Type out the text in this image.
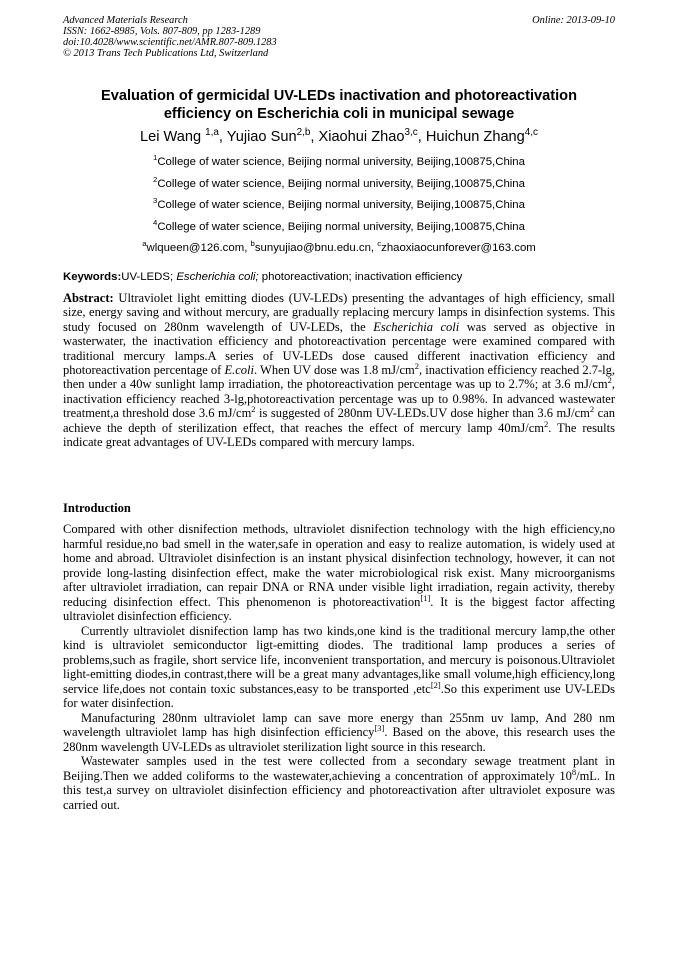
Advanced Materials Research
ISSN: 1662-8985, Vols. 807-809, pp 1283-1289
doi:10.4028/www.scientific.net/AMR.807-809.1283
© 2013 Trans Tech Publications Ltd, Switzerland
Online: 2013-09-10
Evaluation of germicidal UV-LEDs inactivation and photoreactivation
efficiency on Escherichia coli in municipal sewage
Lei Wang $^{1,a}$, Yujiao Sun$^{2,b}$, Xiaohui Zhao$^{3,c}$, Huichun Zhang$^{4,c}$
$^1$College of water science, Beijing normal university, Beijing,100875,China
$^2$College of water science, Beijing normal university, Beijing,100875,China
$^3$College of water science, Beijing normal university, Beijing,100875,China
$^4$College of water science, Beijing normal university, Beijing,100875,China
$^a$wlqueen@126.com, $^b$sunyujiao@bnu.edu.cn, $^c$zhaoxiaocunforever@163.com
Keywords:UV-LEDS; Escherichia coli; photoreactivation; inactivation efficiency

Abstract: Ultraviolet light emitting diodes (UV-LEDs) presenting the advantages of high efficiency, small size, energy saving and without mercury, are gradually replacing mercury lamps in disinfection systems. This study focused on 280nm wavelength of UV-LEDs, the Escherichia coli was served as objective in wasterwater, the inactivation efficiency and photoreactivation percentage were examined compared with traditional mercury lamps.A series of UV-LEDs dose caused different inactivation efficiency and photoreactivation percentage of E.coli. When UV dose was 1.8 $mJ/cm^2$, inactivation efficiency reached 2.7-lg, then under a 40w sunlight lamp irradiation, the photoreactivation percentage was up to 2.7%; at 3.6 $mJ/cm^2$, inactivation efficiency reached 3-lg,photoreactivation percentage was up to 0.98%. In advanced wastewater treatment,a threshold dose 3.6 $mJ/cm^2$ is suggested of 280nm UV-LEDs.UV dose higher than 3.6 $mJ/cm^2$ can achieve the depth of sterilization effect, that reaches the effect of mercury lamp $40mJ/cm^2$. The results indicate great advantages of UV-LEDs compared with mercury lamps.

Introduction

Compared with other disnifection methods, ultraviolet disnifection technology with the high efficiency,no harmful residue,no bad smell in the water,safe in operation and easy to realize automation, is widely used at home and abroad. Ultraviolet disinfection is an instant physical disinfection technology, however, it can not provide long-lasting disinfection effect, make the water microbiological risk exist. Many microorganisms after ultraviolet irradiation, can repair DNA or RNA under visible light irradiation, regain activity, thereby reducing disinfection effect. This phenomenon is photoreactivation[1]. It is the biggest factor affecting ultraviolet disinfection efficiency.

Currently ultraviolet disnifection lamp has two kinds,one kind is the traditional mercury lamp,the other kind is ultraviolet semiconductor ligt-emitting diodes. The traditional lamp produces a series of problems,such as fragile, short service life, inconvenient transportation, and mercury is poisonous.Ultraviolet light-emitting diodes,in contrast,there will be a great many advantages,like small volume,high efficiency,long service life,does not contain toxic substances,easy to be transported ,etc[2].So this experiment use UV-LEDs for water disinfection.

Manufacturing 280nm ultraviolet lamp can save more energy than 255nm uv lamp, And 280 nm wavelength ultraviolet lamp has high disinfection efficiency[3]. Based on the above, this research uses the 280nm wavelength UV-LEDs as ultraviolet sterilization light source in this research.

Wastewater samples used in the test were collected from a secondary sewage treatment plant in Beijing.Then we added coliforms to the wastewater,achieving a concentration of approximately $10^8/mL$. In this test,a survey on ultraviolet disinfection efficiency and photoreactivation after ultraviolet exposure was carried out.
